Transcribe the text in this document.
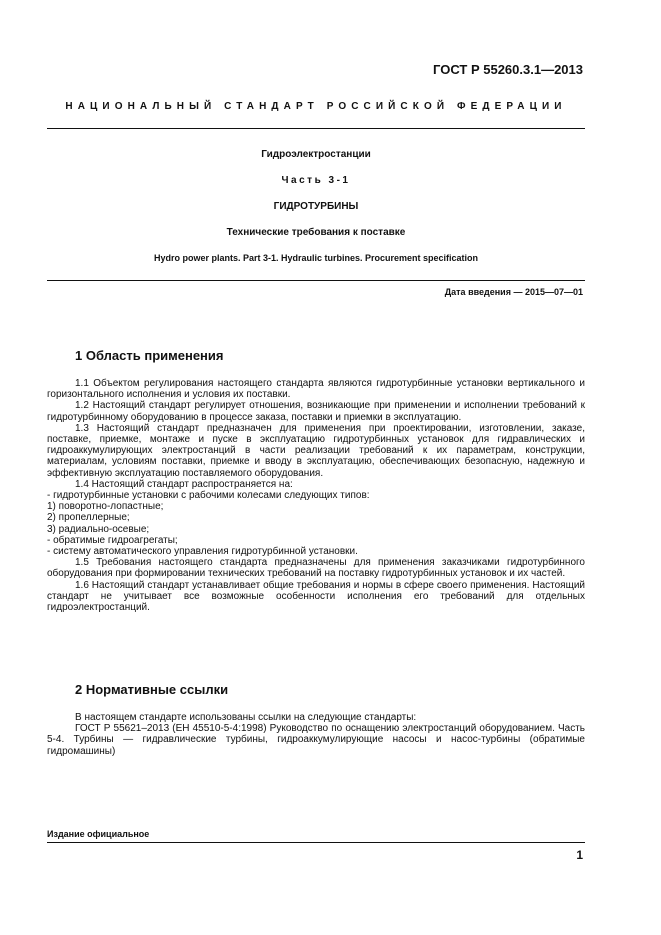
ГОСТ Р 55260.3.1—2013
НАЦИОНАЛЬНЫЙ СТАНДАРТ РОССИЙСКОЙ ФЕДЕРАЦИИ
Гидроэлектростанции
Часть 3-1
ГИДРОТУРБИНЫ
Технические требования к поставке
Hydro power plants. Part 3-1. Hydraulic turbines. Procurement specification
Дата введения — 2015—07—01
1 Область применения

1.1 Объектом регулирования настоящего стандарта являются гидротурбинные установки вертикального и горизонтального исполнения и условия их поставки.

1.2 Настоящий стандарт регулирует отношения, возникающие при применении и исполнении требований к гидротурбинному оборудованию в процессе заказа, поставки и приемки в эксплуатацию.

1.3 Настоящий стандарт предназначен для применения при проектировании, изготовлении, заказе, поставке, приемке, монтаже и пуске в эксплуатацию гидротурбинных установок для гидравлических и гидроаккумулирующих электростанций в части реализации требований к их параметрам, конструкции, материалам, условиям поставки, приемке и вводу в эксплуатацию, обеспечивающих безопасную, надежную и эффективную эксплуатацию поставляемого оборудования.

1.4 Настоящий стандарт распространяется на:

- гидротурбинные установки с рабочими колесами следующих типов:

1) поворотно-лопастные;

2) пропеллерные;

3) радиально-осевые;

- обратимые гидроагрегаты;

- систему автоматического управления гидротурбинной установки.

1.5 Требования настоящего стандарта предназначены для применения заказчиками гидротурбинного оборудования при формировании технических требований на поставку гидротурбинных установок и их частей.

1.6 Настоящий стандарт устанавливает общие требования и нормы в сфере своего применения. Настоящий стандарт не учитывает все возможные особенности исполнения его требований для отдельных гидроэлектростанций.

2 Нормативные ссылки

В настоящем стандарте использованы ссылки на следующие стандарты:

ГОСТ Р 55621–2013 (ЕН 45510-5-4:1998) Руководство по оснащению электростанций оборудованием. Часть 5-4. Турбины — гидравлические турбины, гидроаккумулирующие насосы и насос-турбины (обратимые гидромашины)

Издание официальное
1
